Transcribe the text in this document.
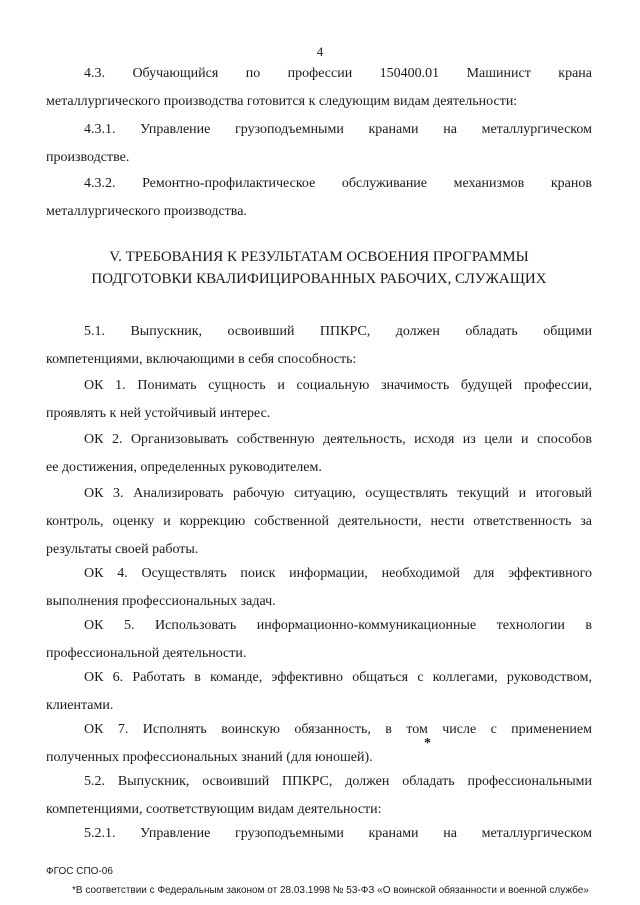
4
4.3. Обучающийся по профессии 150400.01 Машинист крана
металлургического производства готовится к следующим видам деятельности:
4.3.1. Управление грузоподъемными кранами на металлургическом
производстве.
4.3.2. Ремонтно-профилактическое обслуживание механизмов кранов
металлургического производства.
V. ТРЕБОВАНИЯ К РЕЗУЛЬТАТАМ ОСВОЕНИЯ ПРОГРАММЫ
ПОДГОТОВКИ КВАЛИФИЦИРОВАННЫХ РАБОЧИХ, СЛУЖАЩИХ
5.1. Выпускник, освоивший ППКРС, должен обладать общими
компетенциями, включающими в себя способность:
ОК 1. Понимать сущность и социальную значимость будущей профессии,
проявлять к ней устойчивый интерес.
ОК 2. Организовывать собственную деятельность, исходя из цели и способов
ее достижения, определенных руководителем.
ОК 3. Анализировать рабочую ситуацию, осуществлять текущий и итоговый
контроль, оценку и коррекцию собственной деятельности, нести ответственность за
результаты своей работы.
ОК 4. Осуществлять поиск информации, необходимой для эффективного
выполнения профессиональных задач.
ОК 5. Использовать информационно-коммуникационные технологии в
профессиональной деятельности.
ОК 6. Работать в команде, эффективно общаться с коллегами, руководством,
клиентами.
ОК 7. Исполнять воинскую обязанность, в том числе с применением
полученных профессиональных знаний (для юношей).
5.2. Выпускник, освоивший ППКРС, должен обладать профессиональными
компетенциями, соответствующим видам деятельности:
5.2.1. Управление грузоподъемными кранами на металлургическом
*
ФГОС СПО-06
*В соответствии с Федеральным законом от 28.03.1998 № 53-ФЗ «О воинской обязанности и военной службе»
